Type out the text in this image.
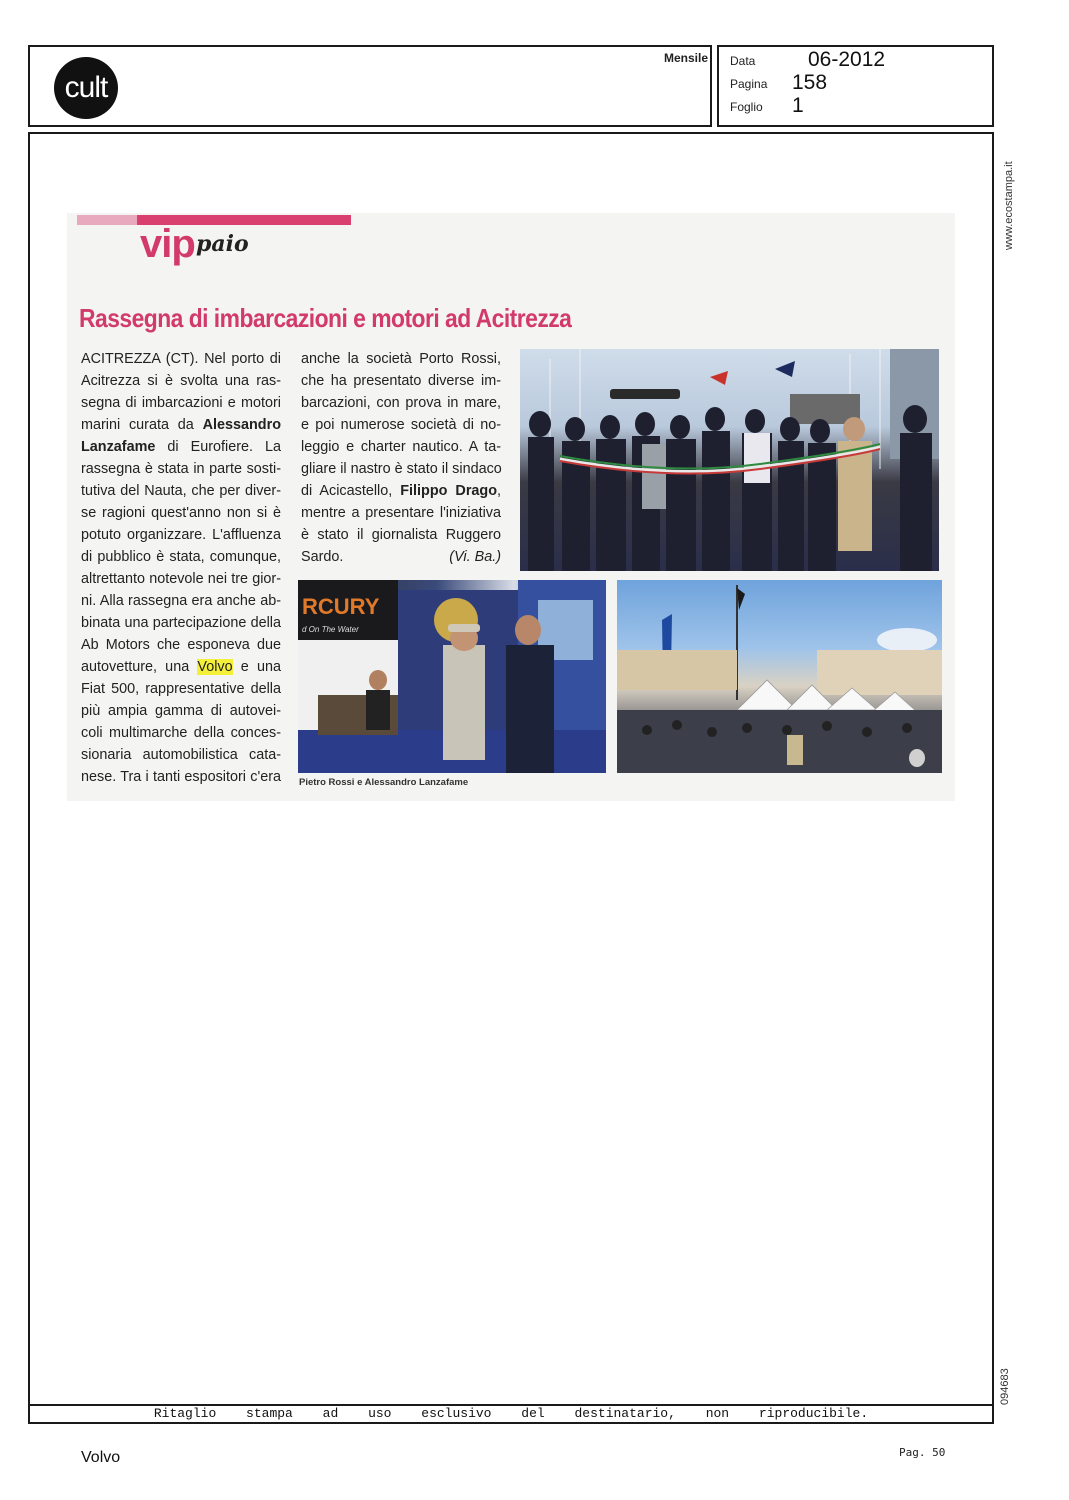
cult
Mensile Data	06-2012
Pagina 158
Foglio 1
www.ecostampa.it
094683
vip paio
Rassegna di imbarcazioni e motori ad Acitrezza
ACITREZZA (CT). Nel porto di
Acitrezza si è svolta una ras-
segna di imbarcazioni e motori
marini curata da Alessandro
Lanzafame di Eurofiere. La
rassegna è stata in parte sosti-
tutiva del Nauta, che per diver-
se ragioni quest'anno non si è
potuto organizzare. L'affluenza
di pubblico è stata, comunque,
altrettanto notevole nei tre gior-
ni. Alla rassegna era anche ab-
binata una partecipazione della
Ab Motors che esponeva due
autovetture, una Volvo e una
Fiat 500, rappresentative della
più ampia gamma di autovei-
coli multimarche della conces-
sionaria automobilistica cata-
nese. Tra i tanti espositori c'era
anche la società Porto Rossi,
che ha presentato diverse im-
barcazioni, con prova in mare,
e poi numerose società di no-
leggio e charter nautico. A ta-
gliare il nastro è stato il sindaco
di Acicastello, Filippo Drago,
mentre a presentare l'iniziativa
è stato il giornalista Ruggero
Sardo.	(Vi. Ba.)
RCURY
d On The Water
Pietro Rossi e Alessandro Lanzafame
Ritaglio stampa ad uso esclusivo del destinatario, non riproducibile.
Volvo	Pag. 50
